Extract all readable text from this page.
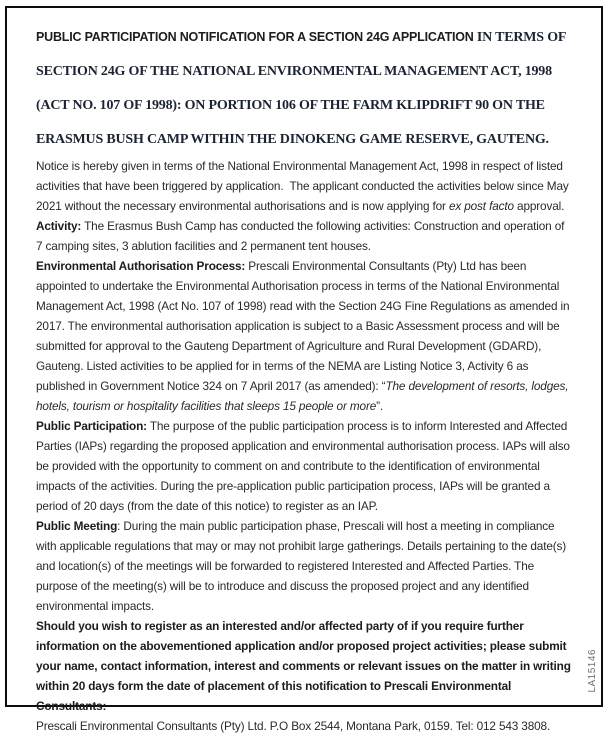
PUBLIC PARTICIPATION NOTIFICATION FOR A SECTION 24G APPLICATION IN TERMS OF SECTION 24G OF THE NATIONAL ENVIRONMENTAL MANAGEMENT ACT, 1998 (ACT NO. 107 OF 1998): ON PORTION 106 OF THE FARM KLIPDRIFT 90 ON THE ERASMUS BUSH CAMP WITHIN THE DINOKENG GAME RESERVE, GAUTENG.

Notice is hereby given in terms of the National Environmental Management Act, 1998 in respect of listed activities that have been triggered by application.  The applicant conducted the activities below since May 2021 without the necessary environmental authorisations and is now applying for ex post facto approval.

Activity: The Erasmus Bush Camp has conducted the following activities: Construction and operation of 7 camping sites, 3 ablution facilities and 2 permanent tent houses.

Environmental Authorisation Process: Prescali Environmental Consultants (Pty) Ltd has been appointed to undertake the Environmental Authorisation process in terms of the National Environmental Management Act, 1998 (Act No. 107 of 1998) read with the Section 24G Fine Regulations as amended in 2017. The environmental authorisation application is subject to a Basic Assessment process and will be submitted for approval to the Gauteng Department of Agriculture and Rural Development (GDARD), Gauteng. Listed activities to be applied for in terms of the NEMA are Listing Notice 3, Activity 6 as published in Government Notice 324 on 7 April 2017 (as amended): “The development of resorts, lodges, hotels, tourism or hospitality facilities that sleeps 15 people or more”.

Public Participation: The purpose of the public participation process is to inform Interested and Affected Parties (IAPs) regarding the proposed application and environmental authorisation process. IAPs will also be provided with the opportunity to comment on and contribute to the identification of environmental impacts of the activities. During the pre-application public participation process, IAPs will be granted a period of 20 days (from the date of this notice) to register as an IAP.

Public Meeting: During the main public participation phase, Prescali will host a meeting in compliance with applicable regulations that may or may not prohibit large gatherings. Details pertaining to the date(s) and location(s) of the meetings will be forwarded to registered Interested and Affected Parties. The purpose of the meeting(s) will be to introduce and discuss the proposed project and any identified environmental impacts.

Should you wish to register as an interested and/or affected party of if you require further information on the abovementioned application and/or proposed project activities; please submit your name, contact information, interest and comments or relevant issues on the matter in writing within 20 days form the date of placement of this notification to Prescali Environmental Consultants:

Prescali Environmental Consultants (Pty) Ltd. P.O Box 2544, Montana Park, 0159. Tel: 012 543 3808.

LA15146
